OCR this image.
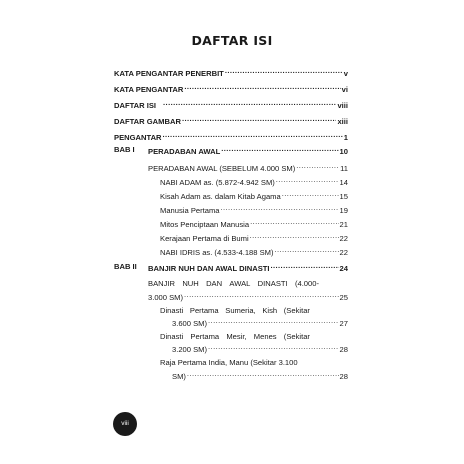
DAFTAR ISI
KATA PENGANTAR PENERBIT .....	v
KATA PENGANTAR .....	vi
DAFTAR ISI .....	viii
DAFTAR GAMBAR .....	xiii
PENGANTAR .....	1
BAB I PERADABAN AWAL .....	10
PERADABAN AWAL (SEBELUM 4.000 SM) .....	11
NABI ADAM as. (5.872-4.942 SM) .....	14
Kisah Adam as. dalam Kitab Agama .....	15
Manusia Pertama .....	19
Mitos Penciptaan Manusia .....	21
Kerajaan Pertama di Bumi .....	22
NABI IDRIS as. (4.533-4.188 SM) .....	22
BAB II BANJIR NUH DAN AWAL DINASTI .....	24
BANJIR NUH DAN AWAL DINASTI (4.000-
3.000 SM) .....	25
Dinasti Pertama Sumeria, Kish (Sekitar
3.600 SM) .....	27
Dinasti Pertama Mesir, Menes (Sekitar
3.200 SM) .....	28
Raja Pertama India, Manu (Sekitar 3.100
SM) .....	28
viii
